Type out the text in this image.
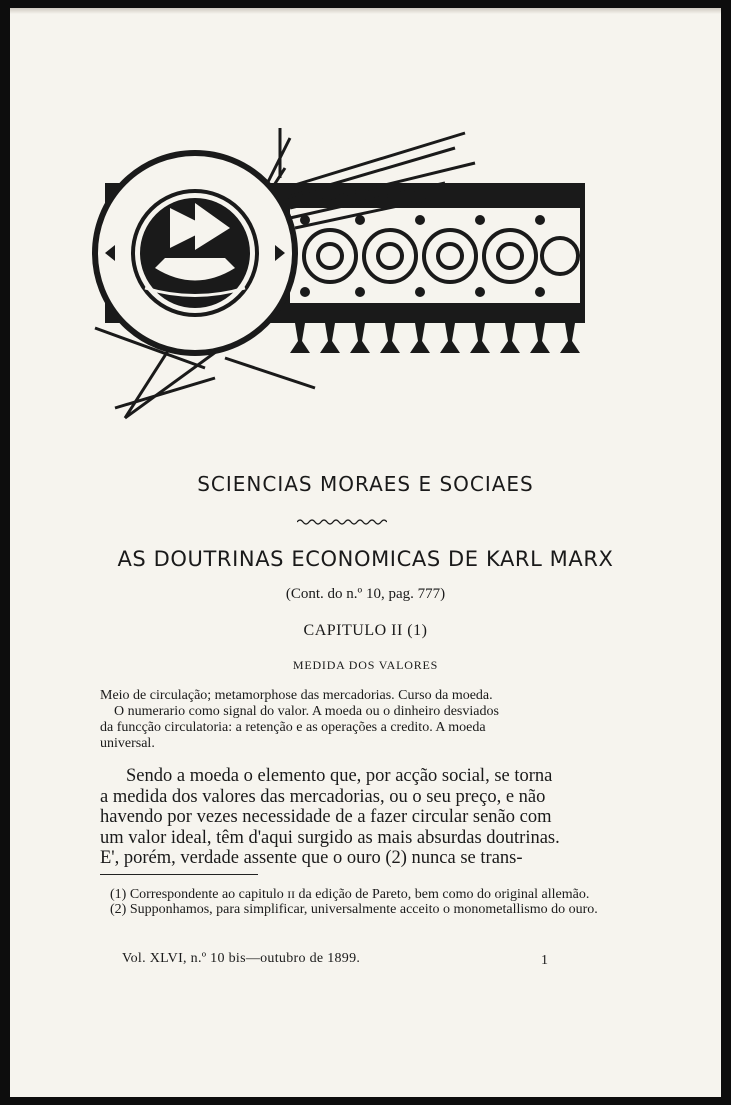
SCIENCIAS MORAES E SOCIAES
AS DOUTRINAS ECONOMICAS DE KARL MARX
(Cont. do n.º 10, pag. 777)
CAPITULO II (1)
MEDIDA DOS VALORES
Meio de circulação; metamorphose das mercadorias. Curso da moeda.
O numerario como signal do valor. A moeda ou o dinheiro desviados
da funcção circulatoria: a retenção e as operações a credito. A moeda
universal.
Sendo a moeda o elemento que, por acção social, se torna
a medida dos valores das mercadorias, ou o seu preço, e não
havendo por vezes necessidade de a fazer circular senão com
um valor ideal, têm d'aqui surgido as mais absurdas doutrinas.
E', porém, verdade assente que o ouro (2) nunca se trans-

(1) Correspondente ao capitulo ɪɪ da edição de Pareto, bem como do original allemão.

(2) Supponhamos, para simplificar, universalmente acceito o monometallismo do ouro.

Vol. XLVI, n.º 10 bis—outubro de 1899.	1
